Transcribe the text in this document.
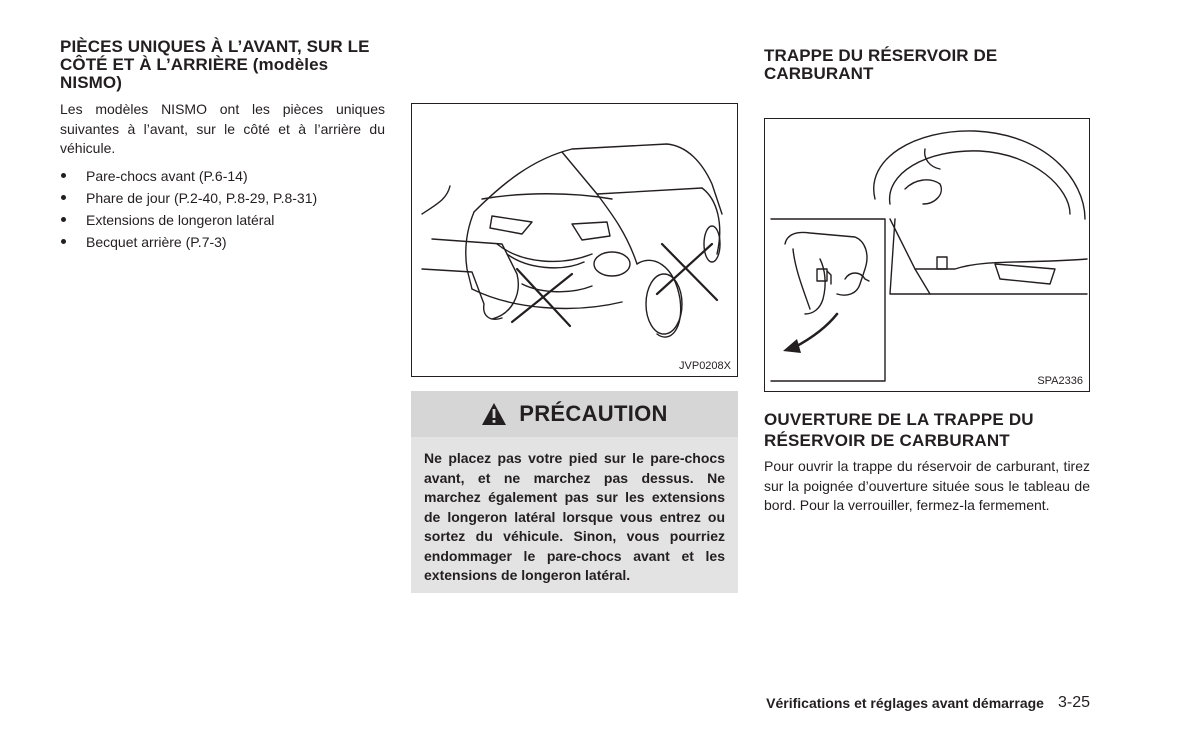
PIÈCES UNIQUES À L’AVANT, SUR LE CÔTÉ ET À L’ARRIÈRE (modèles NISMO)

Les modèles NISMO ont les pièces uniques suivantes à l’avant, sur le côté et à l’arrière du véhicule.

Pare-chocs avant (P.6-14)
Phare de jour (P.2-40, P.8-29, P.8-31)
Extensions de longeron latéral
Becquet arrière (P.7-3)
JVP0208X
PRÉCAUTION
Ne placez pas votre pied sur le pare-chocs avant, et ne marchez pas dessus. Ne marchez également pas sur les extensions de longeron latéral lorsque vous entrez ou sortez du véhicule. Sinon, vous pourriez endommager le pare-chocs avant et les extensions de longeron latéral.
TRAPPE DU RÉSERVOIR DE CARBURANT
SPA2336
OUVERTURE DE LA TRAPPE DU RÉSERVOIR DE CARBURANT

Pour ouvrir la trappe du réservoir de carburant, tirez sur la poignée d’ouverture située sous le tableau de bord. Pour la verrouiller, fermez-la fermement.

Vérifications et réglages avant démarrage 3-25
